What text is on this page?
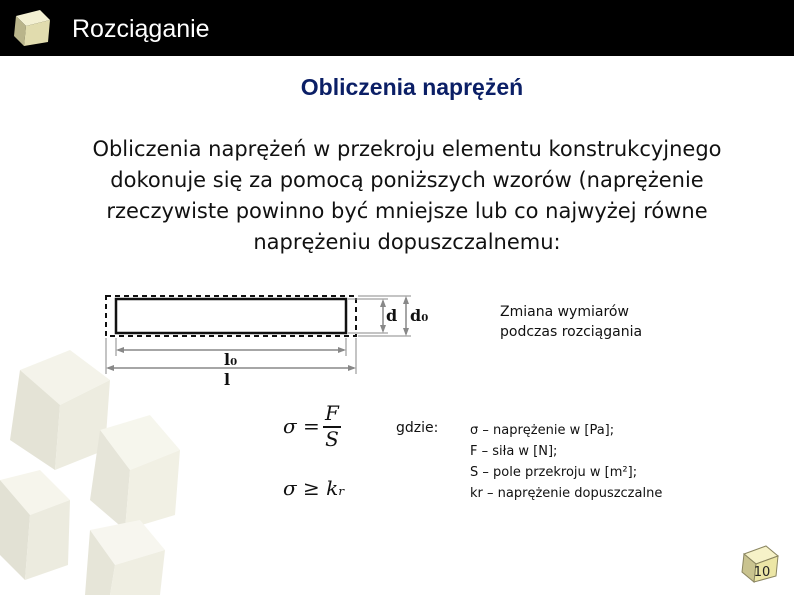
Rozciąganie
Obliczenia naprężeń
Obliczenia naprężeń w przekroju elementu konstrukcyjnego
dokonuje się za pomocą poniższych wzorów (naprężenie
rzeczywiste powinno być mniejsze lub co najwyżej równe
naprężeniu dopuszczalnemu:
d d₀
l₀
l
Zmiana wymiarów
podczas rozciągania
σ =
F
S
σ ≥ kᵣ
gdzie: σ – naprężenie w [Pa];
F – siła w [N];
S – pole przekroju w [m²];
kr – naprężenie dopuszczalne
10
